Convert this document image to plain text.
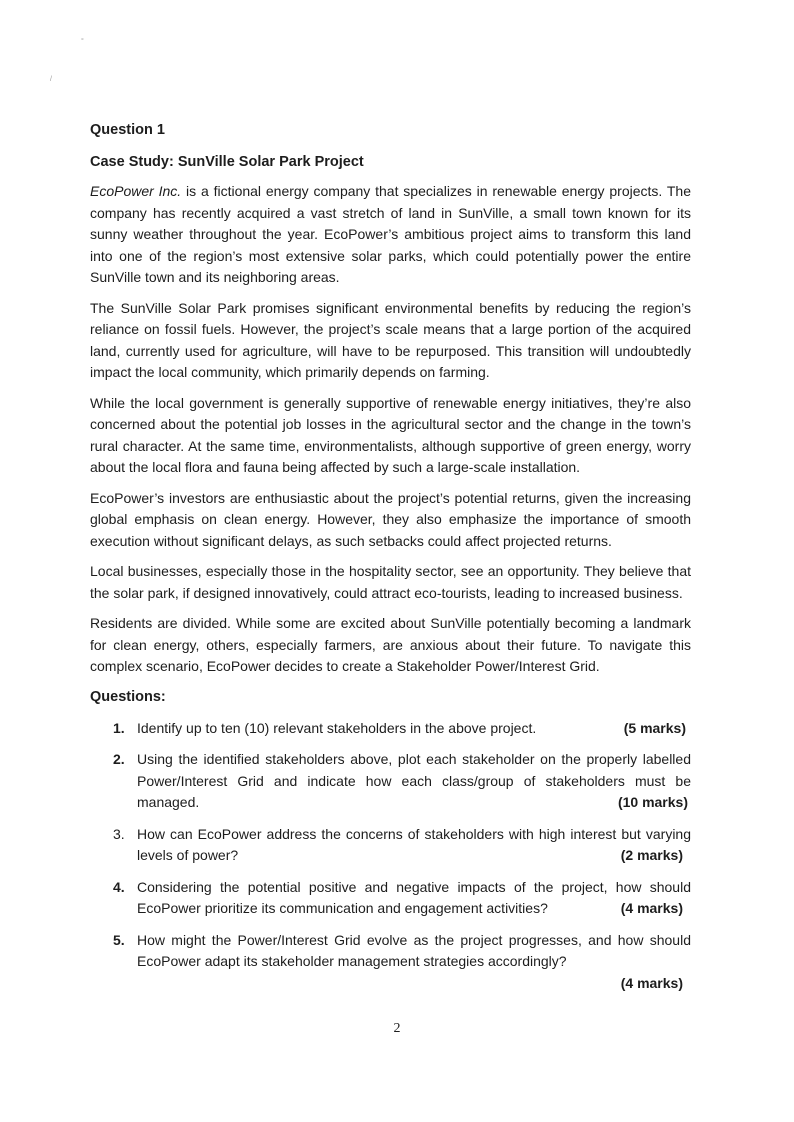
°
/

Question 1

Case Study: SunVille Solar Park Project

EcoPower Inc. is a fictional energy company that specializes in renewable energy projects. The company has recently acquired a vast stretch of land in SunVille, a small town known for its sunny weather throughout the year. EcoPower’s ambitious project aims to transform this land into one of the region’s most extensive solar parks, which could potentially power the entire SunVille town and its neighboring areas.

The SunVille Solar Park promises significant environmental benefits by reducing the region’s reliance on fossil fuels. However, the project’s scale means that a large portion of the acquired land, currently used for agriculture, will have to be repurposed. This transition will undoubtedly impact the local community, which primarily depends on farming.

While the local government is generally supportive of renewable energy initiatives, they’re also concerned about the potential job losses in the agricultural sector and the change in the town’s rural character. At the same time, environmentalists, although supportive of green energy, worry about the local flora and fauna being affected by such a large-scale installation.

EcoPower’s investors are enthusiastic about the project’s potential returns, given the increasing global emphasis on clean energy. However, they also emphasize the importance of smooth execution without significant delays, as such setbacks could affect projected returns.

Local businesses, especially those in the hospitality sector, see an opportunity. They believe that the solar park, if designed innovatively, could attract eco-tourists, leading to increased business.

Residents are divided. While some are excited about SunVille potentially becoming a landmark for clean energy, others, especially farmers, are anxious about their future. To navigate this complex scenario, EcoPower decides to create a Stakeholder Power/Interest Grid.

Questions:

1. Identify up to ten (10) relevant stakeholders in the above project.	(5 marks)
2. Using the identified stakeholders above, plot each stakeholder on the properly labelled Power/Interest Grid and indicate how each class/group of stakeholders must be managed.	(10 marks)
3. How can EcoPower address the concerns of stakeholders with high interest but varying levels of power?	(2 marks)
4. Considering the potential positive and negative impacts of the project, how should EcoPower prioritize its communication and engagement activities?	(4 marks)
5. How might the Power/Interest Grid evolve as the project progresses, and how should EcoPower adapt its stakeholder management strategies accordingly?
(4 marks)
2
